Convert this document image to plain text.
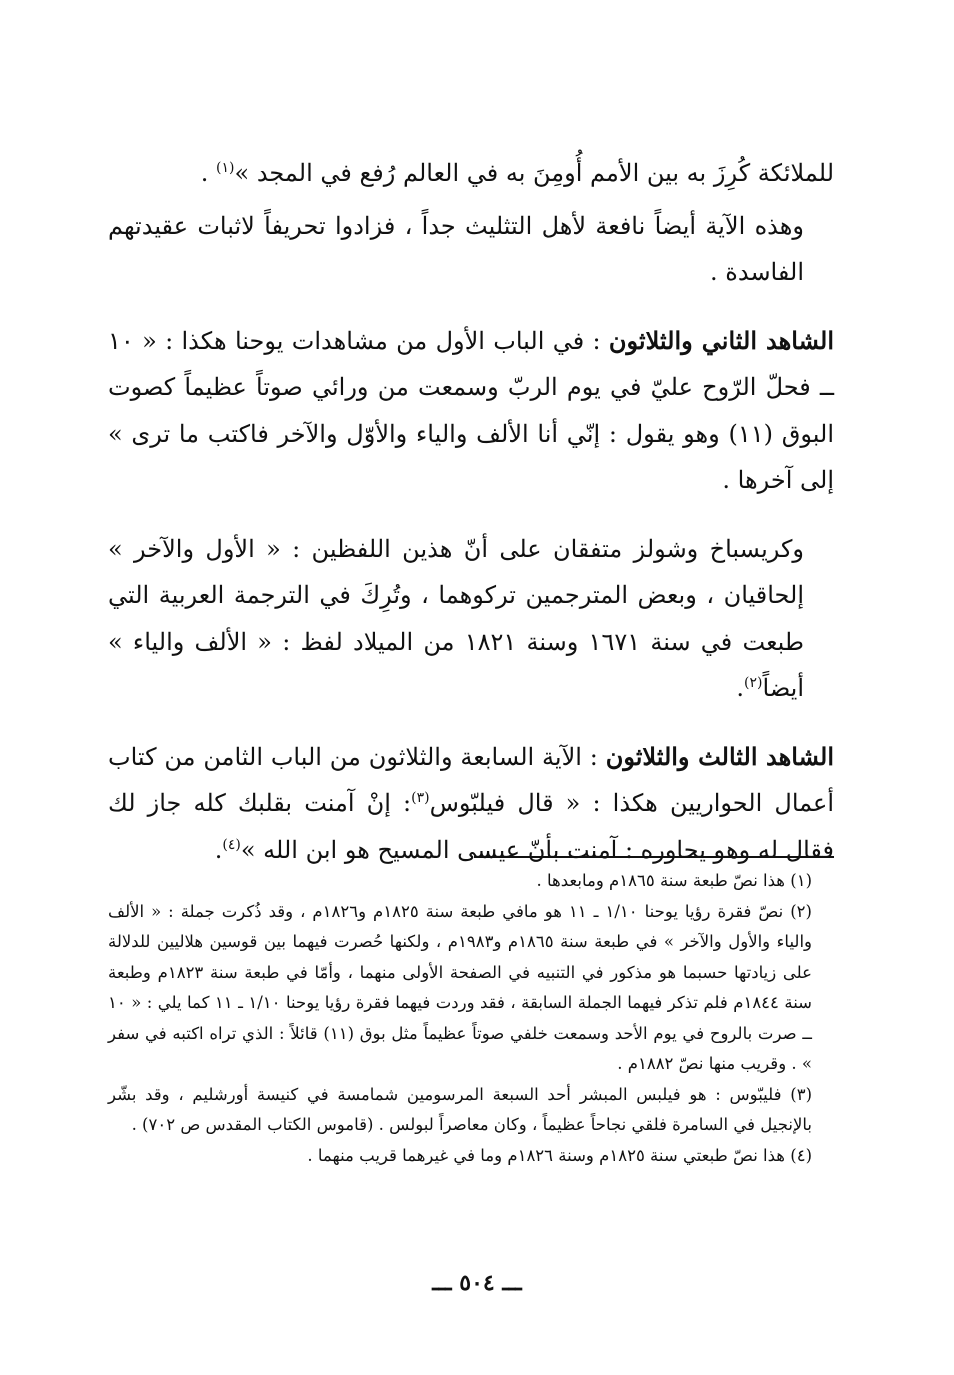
للملائكة كُرِزَ به بين الأمم أُومِنَ به في العالم رُفع في المجد »$^{(١)}$ .

وهذه الآية أيضاً نافعة لأهل التثليث جداً ، فزادوا تحريفاً لاثبات عقيدتهم الفاسدة .

الشاهد الثاني والثلاثون : في الباب الأول من مشاهدات يوحنا هكذا : « ١٠ ــ فحلّ الرّوح عليّ في يوم الربّ وسمعت من ورائي صوتاً عظيماً كصوت البوق (١١) وهو يقول : إنّي أنا الألف والياء والأوّل والآخر فاكتب ما ترى » إلى آخرها .

وكريسباخ وشولز متفقان على أنّ هذين اللفظين : « الأول والآخر » إلحاقيان ، وبعض المترجمين تركوهما ، وتُرِكَ في الترجمة العربية التي طبعت في سنة ١٦٧١ وسنة ١٨٢١ من الميلاد لفظ : « الألف والياء » أيضاً$^{(٢)}$.

الشاهد الثالث والثلاثون : الآية السابعة والثلاثون من الباب الثامن من كتاب أعمال الحواريين هكذا : « قال فيلبّوس$^{(٣)}$: إنْ آمنت بقلبك كله جاز لك فقال له وهو يحاوره : آمنت بأنّ عيسى المسيح هو ابن الله »$^{(٤)}$.

(١) هذا نصّ طبعة سنة ١٨٦٥م ومابعدها .

(٢) نصّ فقرة رؤيا يوحنا ١/١٠ ـ ١١ هو مافي طبعة سنة ١٨٢٥م و١٨٢٦م ، وقد ذُكرت جملة : « الألف والياء والأول والآخر » في طبعة سنة ١٨٦٥م و١٩٨٣م ، ولكنها حُصرت فيهما بين قوسين هلاليين للدلالة على زيادتها حسبما هو مذكور في التنبيه في الصفحة الأولى منهما ، وأمّا في طبعة سنة ١٨٢٣م وطبعة سنة ١٨٤٤م فلم تذكر فيهما الجملة السابقة ، فقد وردت فيهما فقرة رؤيا يوحنا ١/١٠ ـ ١١ كما يلي : « ١٠ ــ صرت بالروح في يوم الأحد وسمعت خلفي صوتاً عظيماً مثل بوق (١١) قائلاً : الذي تراه اكتبه في سفر » . وقريب منها نصّ ١٨٨٢م .

(٣) فليبّوس : هو فيلبس المبشر أحد السبعة المرسومين شمامسة في كنيسة أورشليم ، وقد بشّر بالإنجيل في السامرة فلقي نجاحاً عظيماً ، وكان معاصراً لبولس . (قاموس الكتاب المقدس ص ٧٠٢) .

(٤) هذا نصّ طبعتي سنة ١٨٢٥م وسنة ١٨٢٦م وما في غيرهما قريب منهما .

ـــ ٥٠٤ ـــ
